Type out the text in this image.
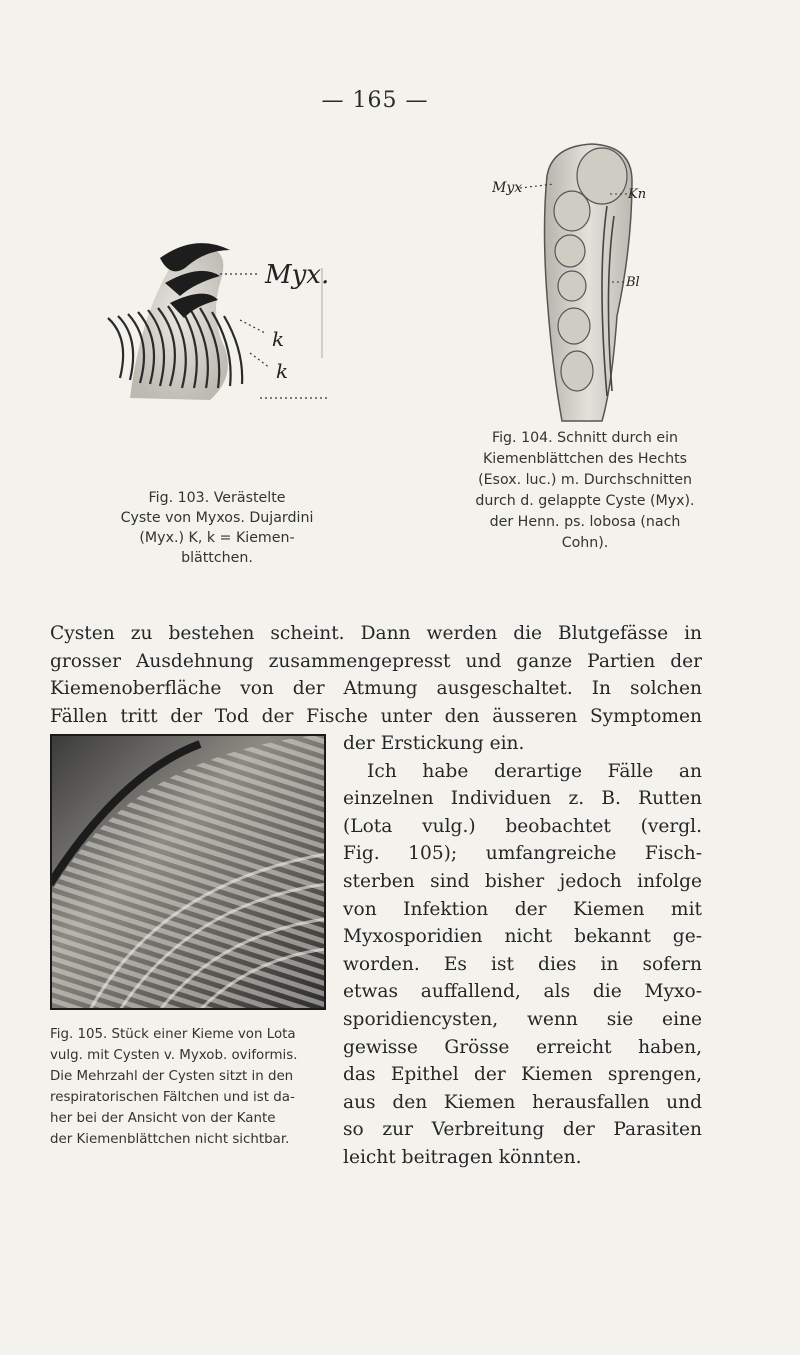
— 165 —
Myx.
k
k
Fig. 103. Verästelte
Cyste von Myxos. Dujardini
(Myx.) K, k = Kiemen-
blättchen.
Myx	Kn
Bl
Fig. 104. Schnitt durch ein
Kiemenblättchen des Hechts
(Esox. luc.) m. Durchschnitten
durch d. gelappte Cyste (Myx).
der Henn. ps. lobosa (nach
Cohn).
Cysten zu bestehen scheint. Dann werden die Blutgefässe in
grosser Ausdehnung zusammengepresst und ganze Partien der
Kiemenoberfläche von der Atmung ausgeschaltet. In solchen
Fällen tritt der Tod der Fische unter den äusseren Symptomen
Fig. 105. Stück einer Kieme von Lota
vulg. mit Cysten v. Myxob. oviformis.
Die Mehrzahl der Cysten sitzt in den
respiratorischen Fältchen und ist da-
her bei der Ansicht von der Kante
der Kiemenblättchen nicht sichtbar.
der Erstickung ein.
Ich habe derartige Fälle an
einzelnen Individuen z. B. Rutten
(Lota vulg.) beobachtet (vergl.
Fig. 105); umfangreiche Fisch-
sterben sind bisher jedoch infolge
von Infektion der Kiemen mit
Myxosporidien nicht bekannt ge-
worden. Es ist dies in sofern
etwas auffallend, als die Myxo-
sporidiencysten, wenn sie eine
gewisse Grösse erreicht haben,
das Epithel der Kiemen sprengen,
aus den Kiemen herausfallen und
so zur Verbreitung der Parasiten
leicht beitragen könnten.
